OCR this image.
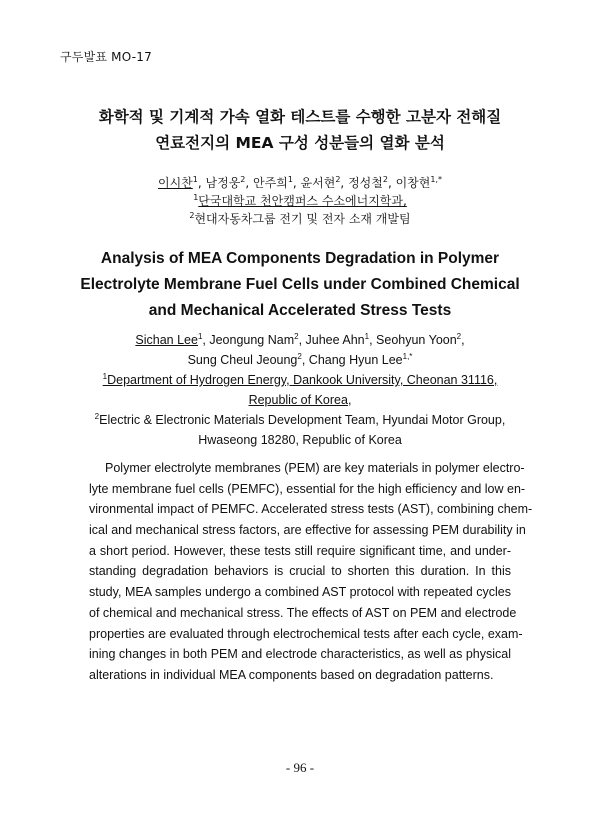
구두발표 MO-17
화학적 및 기계적 가속 열화 테스트를 수행한 고분자 전해질
연료전지의 MEA 구성 성분들의 열화 분석
이시찬$^1$, 남정웅$^2$, 안주희$^1$, 윤서현$^2$, 정성철$^2$, 이창현$^{1,*}$
$^1$단국대학교 천안캠퍼스 수소에너지학과,
$^2$현대자동차그룹 전기 및 전자 소재 개발팀
Analysis of MEA Components Degradation in Polymer
Electrolyte Membrane Fuel Cells under Combined Chemical
and Mechanical Accelerated Stress Tests
Sichan Lee$^1$, Jeongung Nam$^2$, Juhee Ahn$^1$, Seohyun Yoon$^2$,
Sung Cheul Jeoung$^2$, Chang Hyun Lee$^{1,*}$
$^1$Department of Hydrogen Energy, Dankook University, Cheonan 31116,
Republic of Korea,
$^2$Electric & Electronic Materials Development Team, Hyundai Motor Group,
Hwaseong 18280, Republic of Korea
Polymer electrolyte membranes (PEM) are key materials in polymer electro-
lyte membrane fuel cells (PEMFC), essential for the high efficiency and low en-
vironmental impact of PEMFC. Accelerated stress tests (AST), combining chem-
ical and mechanical stress factors, are effective for assessing PEM durability in
a short period. However, these tests still require significant time, and under-
standing degradation behaviors is crucial to shorten this duration. In this
study, MEA samples undergo a combined AST protocol with repeated cycles
of chemical and mechanical stress. The effects of AST on PEM and electrode
properties are evaluated through electrochemical tests after each cycle, exam-
ining changes in both PEM and electrode characteristics, as well as physical
alterations in individual MEA components based on degradation patterns.
- 96 -
